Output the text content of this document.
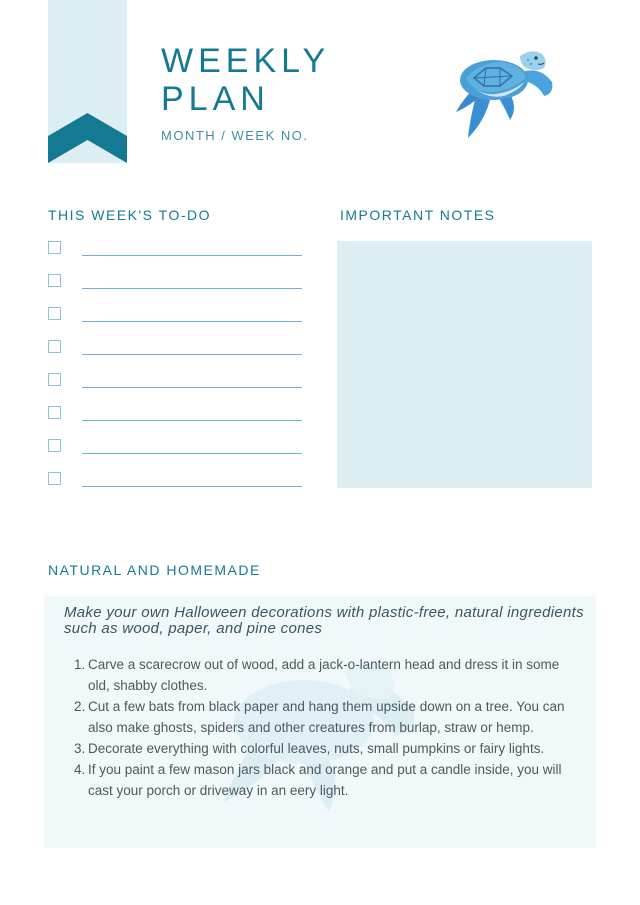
WEEKLY
PLAN
MONTH / WEEK NO.
THIS WEEK'S TO-DO	IMPORTANT NOTES
NATURAL AND HOMEMADE

Make your own Halloween decorations with plastic-free, natural ingredients such as wood, paper, and pine cones

1. Carve a scarecrow out of wood, add a jack-o-lantern head and dress it in some old, shabby clothes.
2. Cut a few bats from black paper and hang them upside down on a tree. You can also make ghosts, spiders and other creatures from burlap, straw or hemp.
3. Decorate everything with colorful leaves, nuts, small pumpkins or fairy lights.
4. If you paint a few mason jars black and orange and put a candle inside, you will cast your porch or driveway in an eery light.
